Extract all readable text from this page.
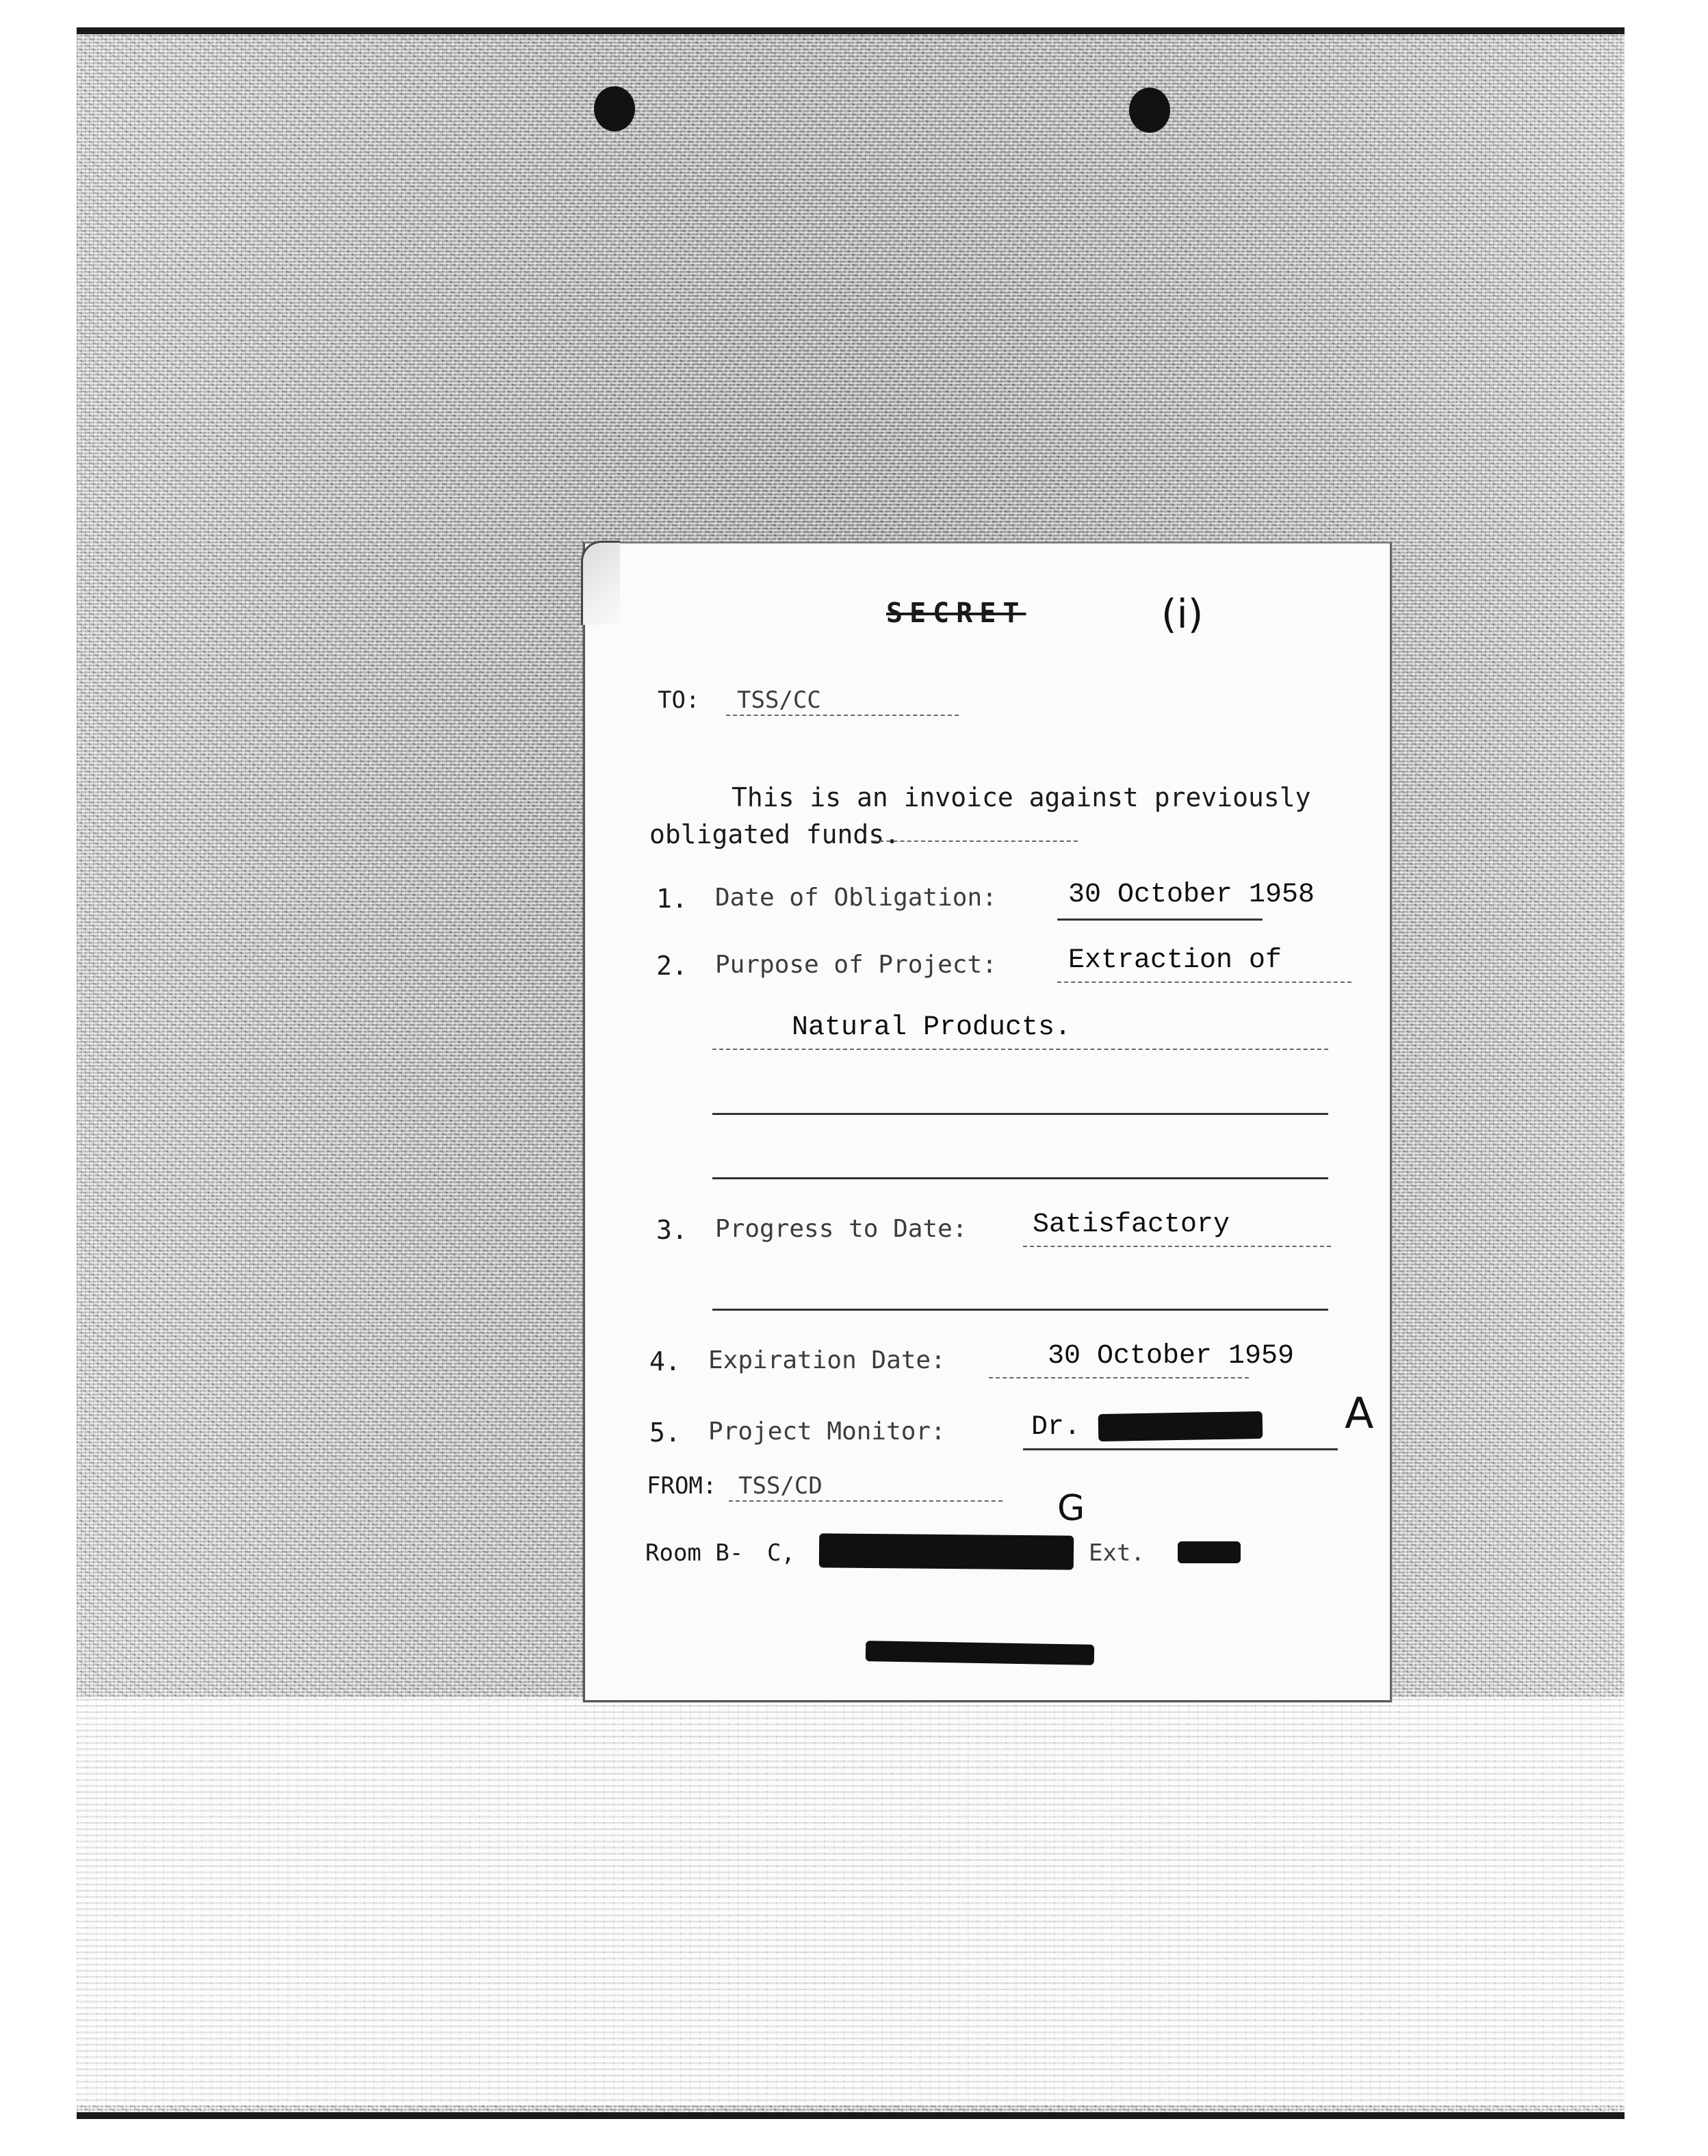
SECRET	(i)
TO: TSS/CC
This is an invoice against previously
obligated funds.
1. Date of Obligation:	30 October 1958
2. Purpose of Project:	Extraction of
Natural Products.
3. Progress to Date: Satisfactory
4. Expiration Date:	30 October 1959
5. Project Monitor:	Dr.	A
FROM: TSS/CD
G
Room B- C,	Ext.
